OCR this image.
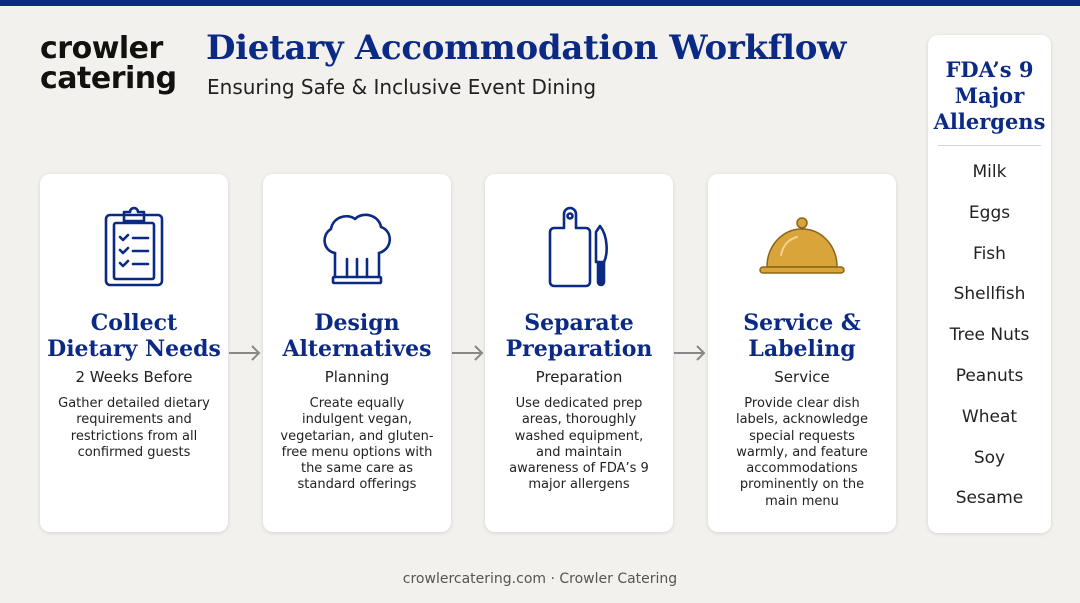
crowler
catering
Dietary Accommodation Workflow
Ensuring Safe & Inclusive Event Dining
Collect Dietary Needs
2 Weeks Before
Gather detailed dietary requirements and restrictions from all confirmed guests
Design Alternatives
Planning
Create equally indulgent vegan, vegetarian, and gluten-free menu options with the same care as standard offerings
Separate Preparation
Preparation
Use dedicated prep areas, thoroughly washed equipment, and maintain awareness of FDA’s 9 major allergens
Service & Labeling
Service
Provide clear dish labels, acknowledge special requests warmly, and feature accommodations prominently on the main menu
FDA’s 9 Major Allergens
Milk
Eggs
Fish
Shellfish
Tree Nuts
Peanuts
Wheat
Soy
Sesame
crowlercatering.com · Crowler Catering
